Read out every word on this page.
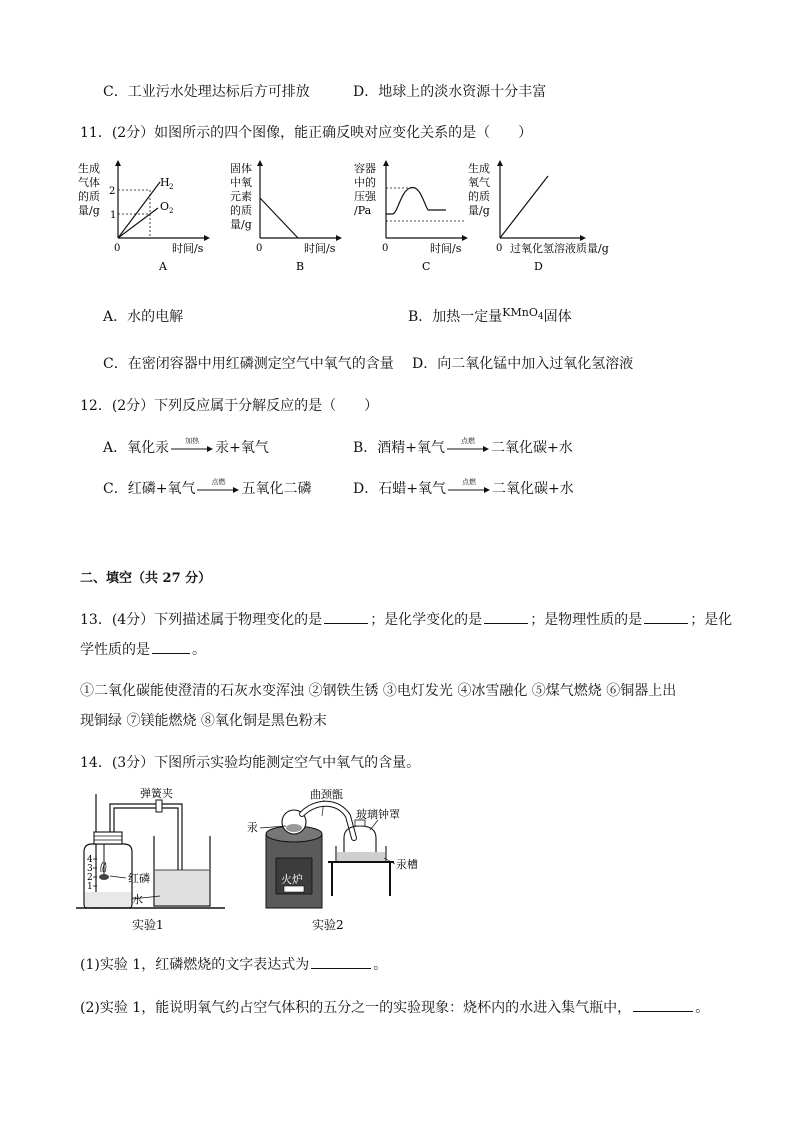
C．工业污水处理达标后方可排放	D．地球上的淡水资源十分丰富
11．(2分）如图所示的四个图像，能正确反映对应变化关系的是（　　）
生成
气体
的质
量/g
2
1
H 2
O 2
0	时间/s
A
固体
中氧
元素
的质
量/g
0	时间/s
B
容器
中的
压强
/Pa
0	时间/s
C
生成
氧气
的质
量/g
0 过氧化氢溶液质量/g
D
A．水的电解	B．加热一定量$^{KMnO_4}$固体
C．在密闭容器中用红磷测定空气中氧气的含量 D．向二氧化锰中加入过氧化氢溶液
12．(2分）下列反应属于分解反应的是（　　）
A．氧化汞	加热	汞+氧气	B．酒精+氧气	点燃	二氧化碳+水
C．红磷+氧气	点燃	五氧化二磷	D．石蜡+氧气	点燃	二氧化碳+水
二、填空（共 27 分）
13．(4分）下列描述属于物理变化的是	；是化学变化的是	；是物理性质的是	；是化
学性质的是	。
①二氧化碳能使澄清的石灰水变浑浊 ②钢铁生锈 ③电灯发光 ④冰雪融化 ⑤煤气燃烧 ⑥铜器上出
现铜绿 ⑦镁能燃烧 ⑧氧化铜是黑色粉末
14．(3分）下图所示实验均能测定空气中氧气的含量。
4
3
2
1
弹簧夹
红磷
水
实验1
曲颈甑
火炉
汞
玻璃钟罩
汞槽
实验2
(1)实验 1，红磷燃烧的文字表达式为	。
(2)实验 1，能说明氧气约占空气体积的五分之一的实验现象：烧杯内的水进入集气瓶中，	。
